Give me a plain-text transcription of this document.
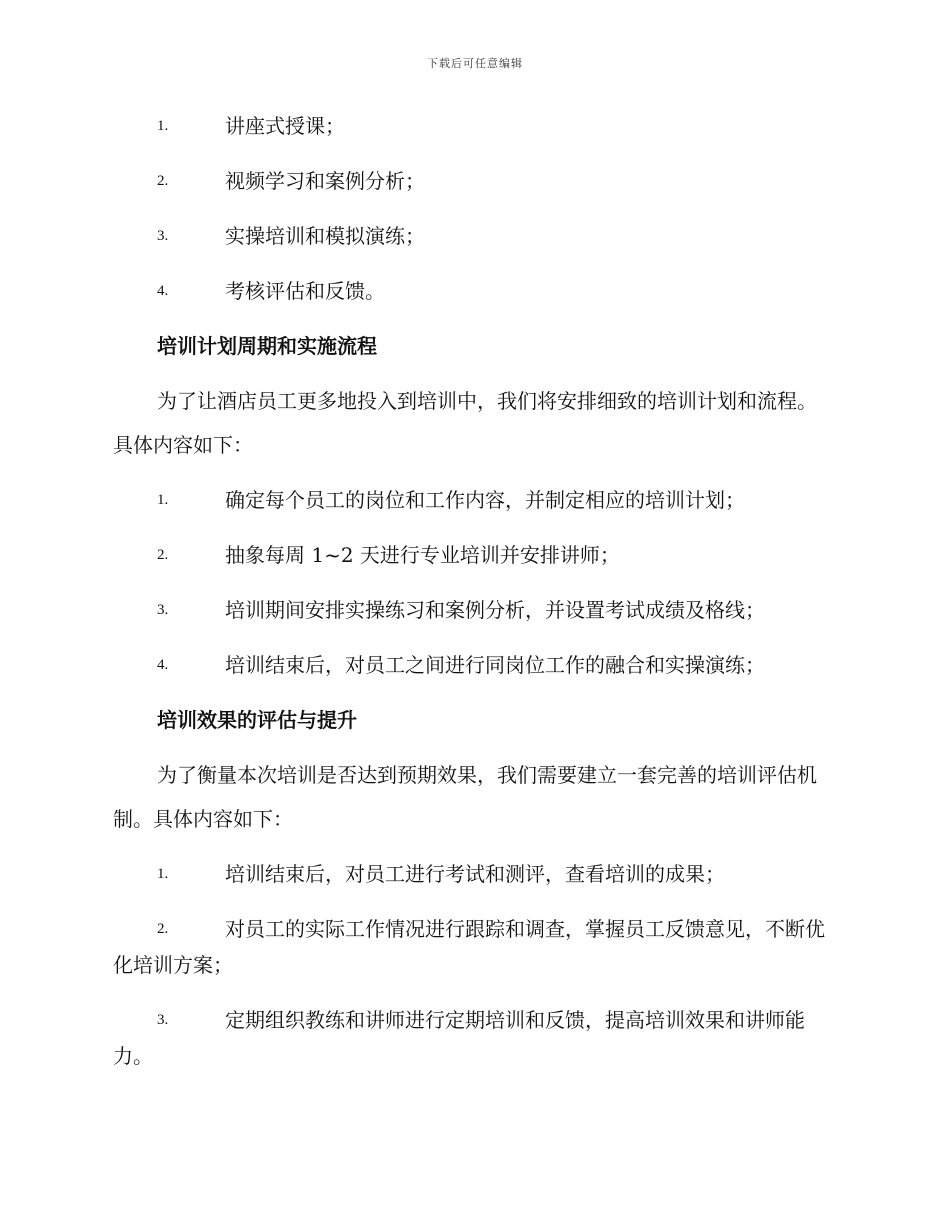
下载后可任意编辑
1.	讲座式授课；
2.	视频学习和案例分析；
3.	实操培训和模拟演练；
4.	考核评估和反馈。
培训计划周期和实施流程
为了让酒店员工更多地投入到培训中，我们将安排细致的培训计划和流程。具体内容如下：
1.	确定每个员工的岗位和工作内容，并制定相应的培训计划；
2.	抽象每周 1~2 天进行专业培训并安排讲师；
3.	培训期间安排实操练习和案例分析，并设置考试成绩及格线；
4.	培训结束后，对员工之间进行同岗位工作的融合和实操演练；
培训效果的评估与提升
为了衡量本次培训是否达到预期效果，我们需要建立一套完善的培训评估机制。具体内容如下：
1.	培训结束后，对员工进行考试和测评，查看培训的成果；
2.	对员工的实际工作情况进行跟踪和调查，掌握员工反馈意见，不断优化培训方案；
3.	定期组织教练和讲师进行定期培训和反馈，提高培训效果和讲师能力。
